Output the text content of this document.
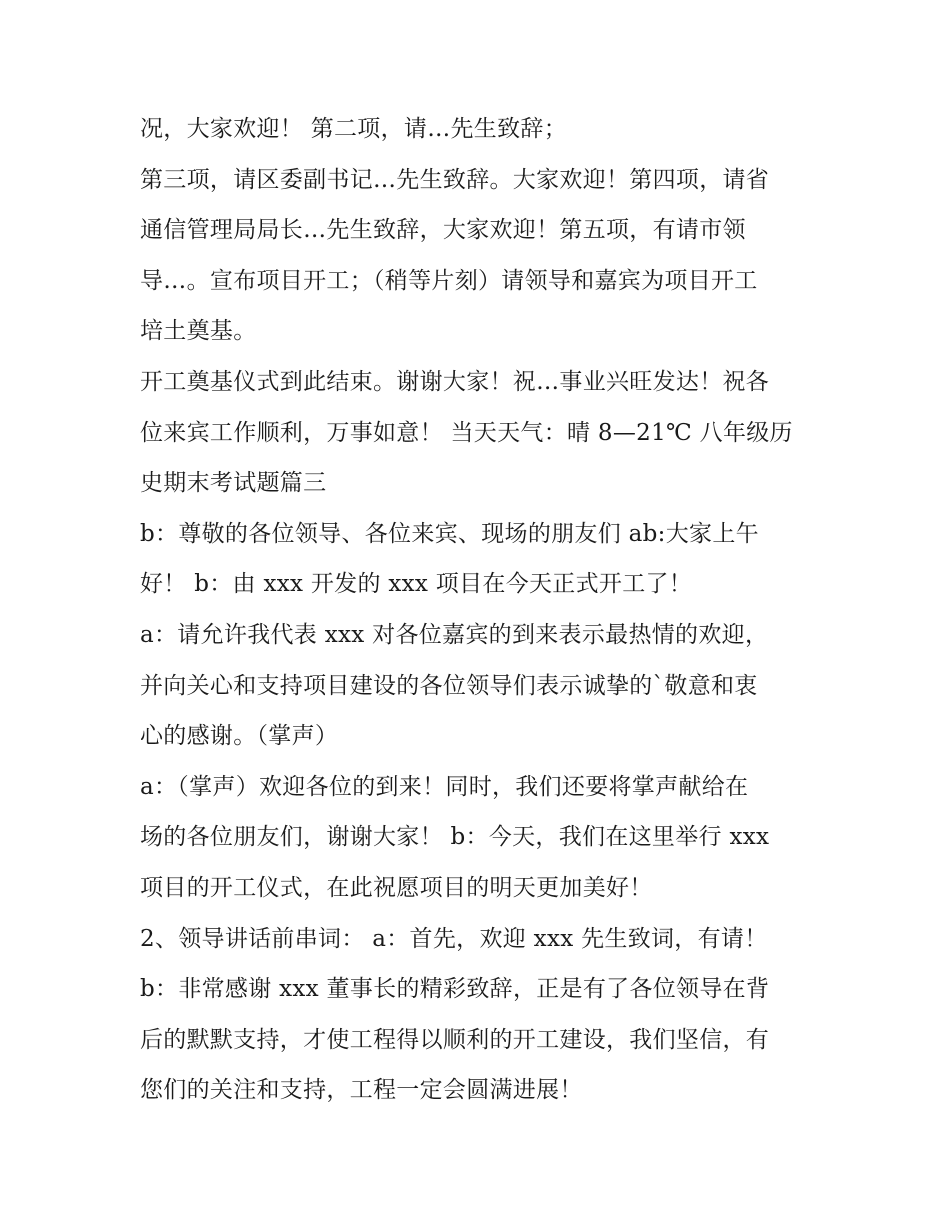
况，大家欢迎！ 第二项，请…先生致辞；
第三项，请区委副书记…先生致辞。大家欢迎！第四项，请省
通信管理局局长…先生致辞，大家欢迎！第五项，有请市领
导…。宣布项目开工；（稍等片刻）请领导和嘉宾为项目开工
培土奠基。
开工奠基仪式到此结束。谢谢大家！祝…事业兴旺发达！祝各
位来宾工作顺利，万事如意！ 当天天气：晴 8—21℃ 八年级历
史期末考试题篇三
b：尊敬的各位领导、各位来宾、现场的朋友们 ab:大家上午
好！ b：由 xxx 开发的 xxx 项目在今天正式开工了！
a：请允许我代表 xxx 对各位嘉宾的到来表示最热情的欢迎，
并向关心和支持项目建设的各位领导们表示诚挚的`敬意和衷
心的感谢。（掌声）
a：（掌声）欢迎各位的到来！同时，我们还要将掌声献给在
场的各位朋友们，谢谢大家！ b：今天，我们在这里举行 xxx
项目的开工仪式，在此祝愿项目的明天更加美好！
2、领导讲话前串词： a：首先，欢迎 xxx 先生致词，有请！
b：非常感谢 xxx 董事长的精彩致辞，正是有了各位领导在背
后的默默支持，才使工程得以顺利的开工建设，我们坚信，有
您们的关注和支持，工程一定会圆满进展！
